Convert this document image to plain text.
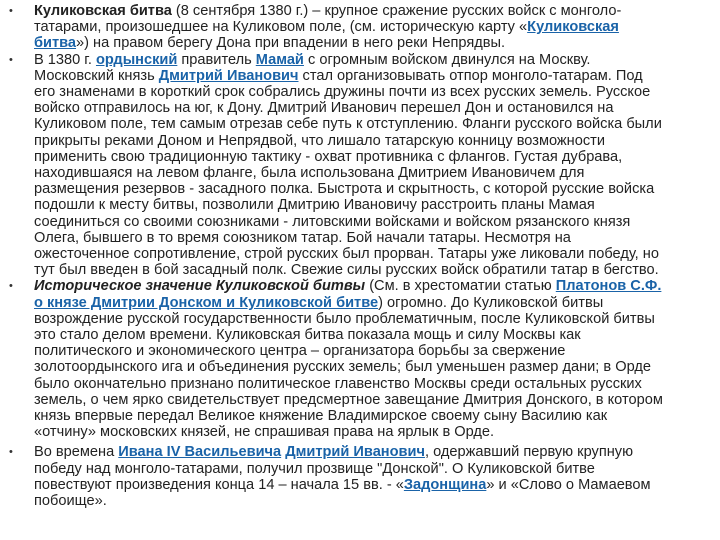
• Куликовская битва (8 сентября 1380 г.) – крупное сражение русских войск с монголо-
татарами, произошедшее на Куликовом поле, (см. историческую карту «Куликовская
битва») на правом берегу Дона при впадении в него реки Непрядвы.
• В 1380 г. ордынский правитель Мамай с огромным войском двинулся на Москву.
Московский князь Дмитрий Иванович стал организовывать отпор монголо-татарам. Под
его знаменами в короткий срок собрались дружины почти из всех русских земель. Русское
войско отправилось на юг, к Дону. Дмитрий Иванович перешел Дон и остановился на
Куликовом поле, тем самым отрезав себе путь к отступлению. Фланги русского войска были
прикрыты реками Доном и Непрядвой, что лишало татарскую конницу возможности
применить свою традиционную тактику - охват противника с флангов. Густая дубрава,
находившаяся на левом фланге, была использована Дмитрием Ивановичем для
размещения резервов - засадного полка. Быстрота и скрытность, с которой русские войска
подошли к месту битвы, позволили Дмитрию Ивановичу расстроить планы Мамая
соединиться со своими союзниками - литовскими войсками и войском рязанского князя
Олега, бывшего в то время союзником татар. Бой начали татары. Несмотря на
ожесточенное сопротивление, строй русских был прорван. Татары уже ликовали победу, но
тут был введен в бой засадный полк. Свежие силы русских войск обратили татар в бегство.
• Историческое значение Куликовской битвы (См. в хрестоматии статью Платонов С.Ф.
о князе Дмитрии Донском и Куликовской битве) огромно. До Куликовской битвы
возрождение русской государственности было проблематичным, после Куликовской битвы
это стало делом времени. Куликовская битва показала мощь и силу Москвы как
политического и экономического центра – организатора борьбы за свержение
золотоордынского ига и объединения русских земель; был уменьшен размер дани; в Орде
было окончательно признано политическое главенство Москвы среди остальных русских
земель, о чем ярко свидетельствует предсмертное завещание Дмитрия Донского, в котором
князь впервые передал Великое княжение Владимирское своему сыну Василию как
«отчину» московских князей, не спрашивая права на ярлык в Орде.
• Во времена Ивана IV Васильевича Дмитрий Иванович, одержавший первую крупную
победу над монголо-татарами, получил прозвище "Донской". О Куликовской битве
повествуют произведения конца 14 – начала 15 вв. - «Задонщина» и «Слово о Мамаевом
побоище».
